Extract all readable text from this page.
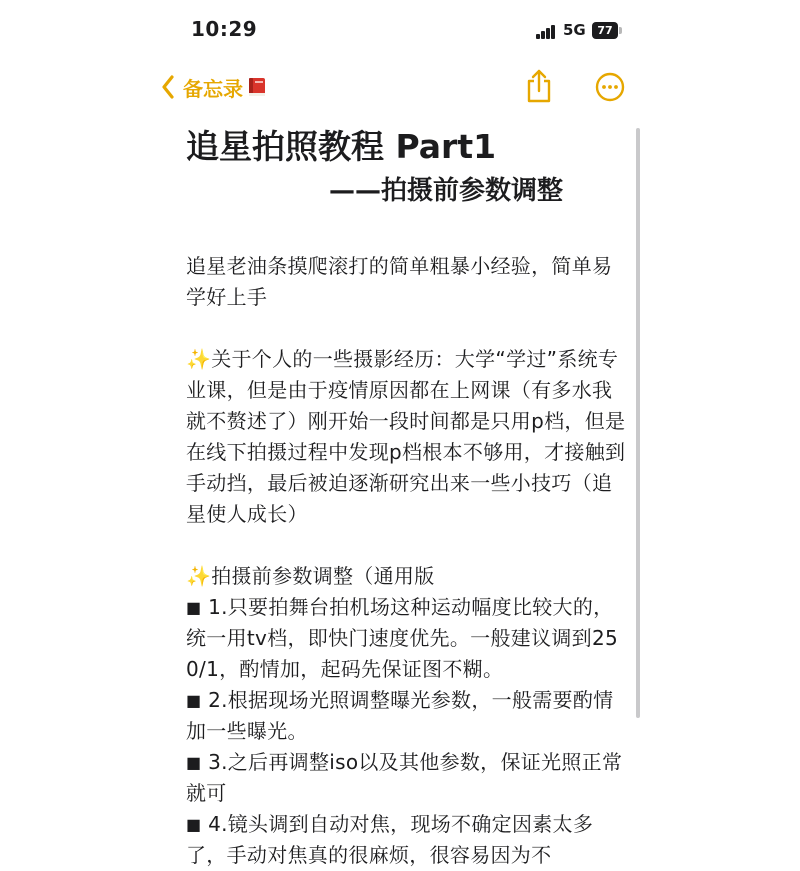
10:29	5G	77
备忘录
追星拍照教程 Part1
——拍摄前参数调整

追星老油条摸爬滚打的简单粗暴小经验，简单易学好上手

✨关于个人的一些摄影经历：大学“学过”系统专业课，但是由于疫情原因都在上网课（有多水我就不赘述了）刚开始一段时间都是只用p档，但是在线下拍摄过程中发现p档根本不够用，才接触到手动挡，最后被迫逐渐研究出来一些小技巧（追星使人成长）

✨拍摄前参数调整（通用版

■ 1.只要拍舞台拍机场这种运动幅度比较大的，统一用tv档，即快门速度优先。一般建议调到250/1，酌情加，起码先保证图不糊。

■ 2.根据现场光照调整曝光参数，一般需要酌情加一些曝光。

■ 3.之后再调整iso以及其他参数，保证光照正常就可

■ 4.镜头调到自动对焦，现场不确定因素太多了，手动对焦真的很麻烦，很容易因为不
